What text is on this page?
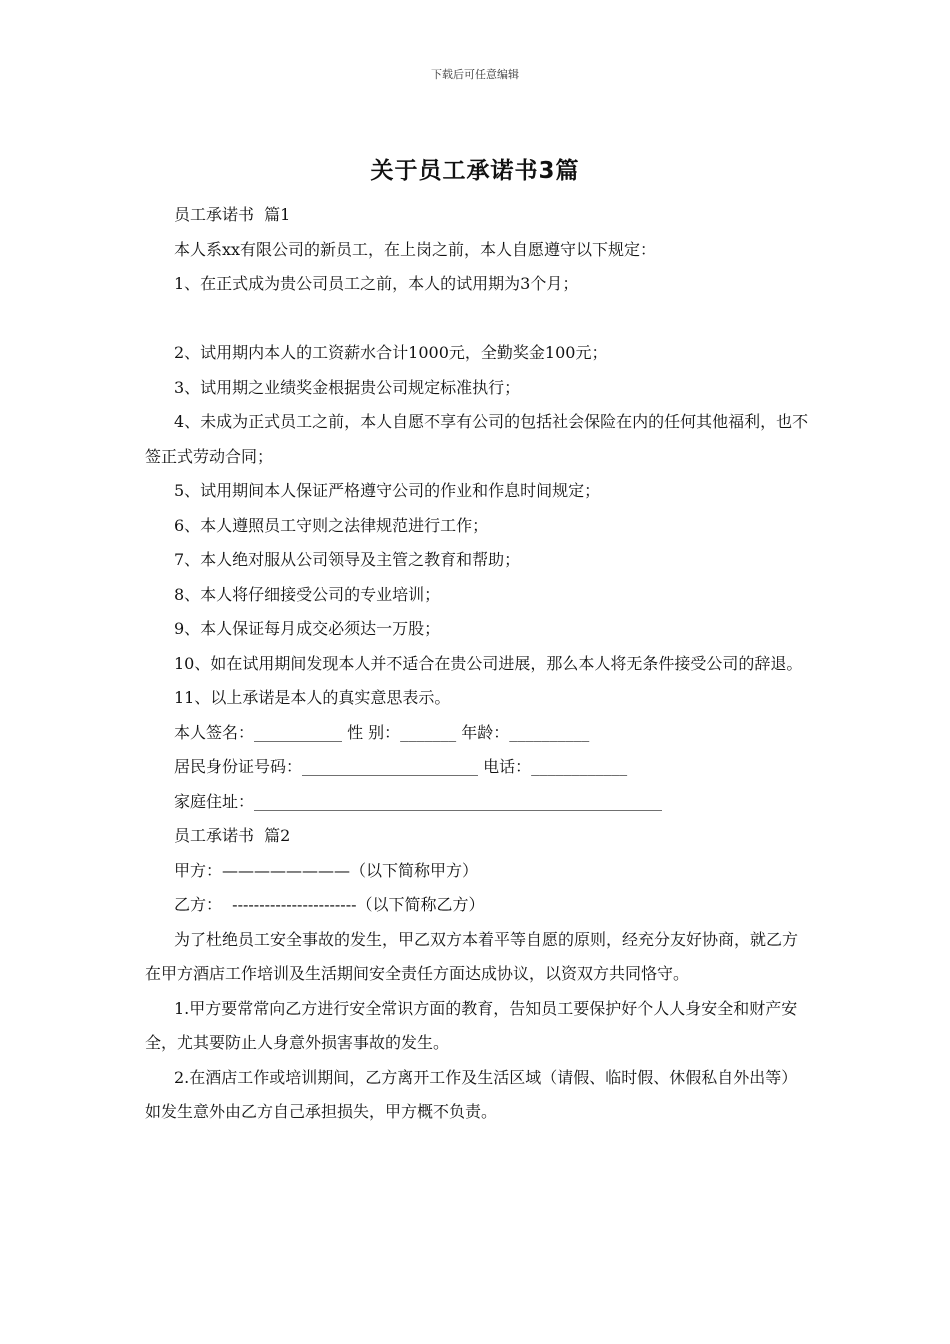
下载后可任意编辑
关于员工承诺书3篇

员工承诺书  篇1

本人系xx有限公司的新员工，在上岗之前，本人自愿遵守以下规定：

1、在正式成为贵公司员工之前，本人的试用期为3个月；

2、试用期内本人的工资薪水合计1000元，全勤奖金100元；

3、试用期之业绩奖金根据贵公司规定标准执行；

4、未成为正式员工之前，本人自愿不享有公司的包括社会保险在内的任何其他福利，也不签正式劳动合同；

5、试用期间本人保证严格遵守公司的作业和作息时间规定；

6、本人遵照员工守则之法律规范进行工作；

7、本人绝对服从公司领导及主管之教育和帮助；

8、本人将仔细接受公司的专业培训；

9、本人保证每月成交必须达一万股；

10、如在试用期间发现本人并不适合在贵公司进展，那么本人将无条件接受公司的辞退。

11、以上承诺是本人的真实意思表示。

本人签名：___________ 性 别：_______ 年龄：__________

居民身份证号码：______________________ 电话：____________

家庭住址：___________________________________________________

员工承诺书  篇2

甲方：————————（以下简称甲方）

乙方：  -----------------------（以下简称乙方）

为了杜绝员工安全事故的发生，甲乙双方本着平等自愿的原则，经充分友好协商，就乙方在甲方酒店工作培训及生活期间安全责任方面达成协议，以资双方共同恪守。

1.甲方要常常向乙方进行安全常识方面的教育，告知员工要保护好个人人身安全和财产安全，尤其要防止人身意外损害事故的发生。

2.在酒店工作或培训期间，乙方离开工作及生活区域（请假、临时假、休假私自外出等）如发生意外由乙方自己承担损失，甲方概不负责。
